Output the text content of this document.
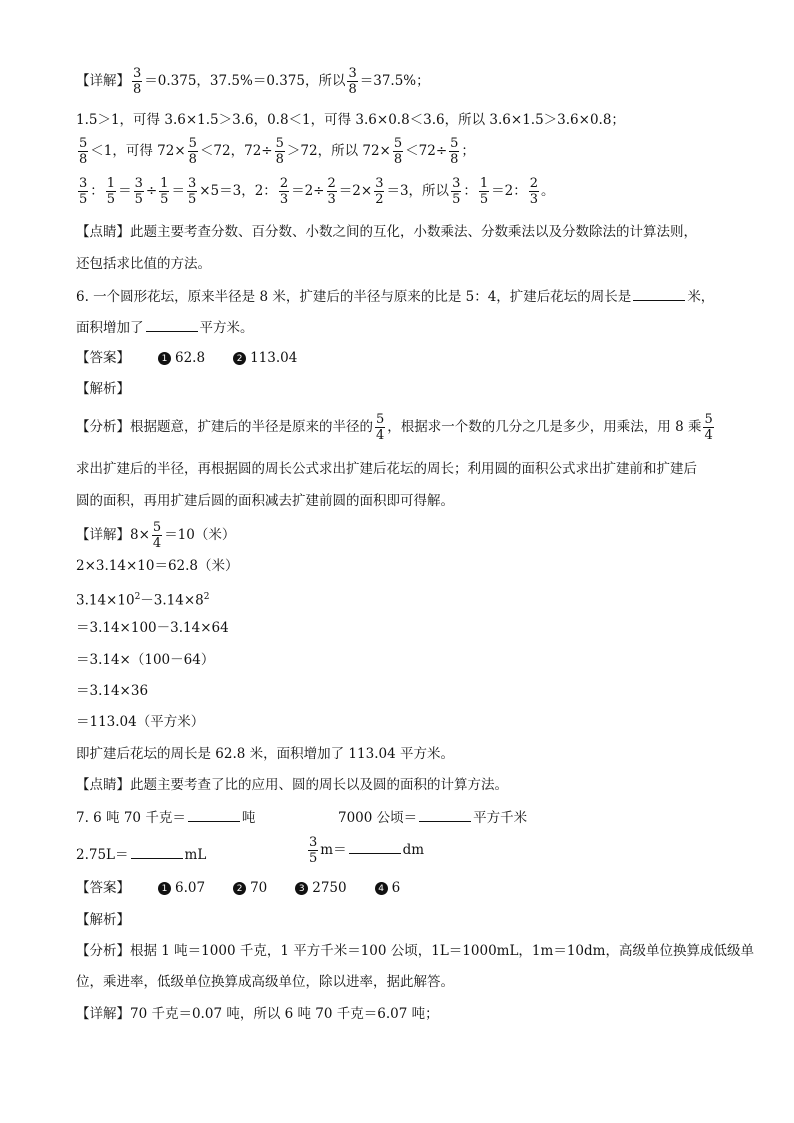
【详解】 $\frac{3}{8} =0.375$，37.5%＝0.375，所以 $\frac{3}{8} =37.5\%$；
1.5＞1，可得 3.6×1.5＞3.6，0.8＜1，可得 3.6×0.8＜3.6，所以 3.6×1.5＞3.6×0.8；
$\frac{5}{8} <1$，可得 $72\times \frac{5}{8} <72$，$72\div \frac{5}{8} >72$，所以 $72\times \frac{5}{8} <72\div \frac{5}{8}$ ；
$\frac{3}{5}$ ： $\frac{1}{5} = \frac{3}{5} \div \frac{1}{5} = \frac{3}{5} \times 5=3$，2： $\frac{2}{3} =2\div \frac{2}{3} =2\times \frac{3}{2} =3$，所以 $\frac{3}{5}$ ： $\frac{1}{5} =2$： $\frac{2}{3}$ 。
【点睛】此题主要考查分数、百分数、小数之间的互化，小数乘法、分数乘法以及分数除法的计算法则，
还包括求比值的方法。
6. 一个圆形花坛，原来半径是 8 米，扩建后的半径与原来的比是 5：4，扩建后花坛的周长是	米，
面积增加了	平方米。
【答案】	1 62.8	2 113.04
【解析】
【分析】根据题意，扩建后的半径是原来的半径的 $\frac{5}{4}$ ，根据求一个数的几分之几是多少，用乘法，用 8 乘 $\frac{5}{4}$
求出扩建后的半径，再根据圆的周长公式求出扩建后花坛的周长；利用圆的面积公式求出扩建前和扩建后
圆的面积，再用扩建后圆的面积减去扩建前圆的面积即可得解。
【详解】$8\times \frac{5}{4} =10$（米）
2×3.14×10＝62.8（米）
$3.14\times 10^2-3.14\times 8^2$
＝3.14×100－3.14×64
＝3.14×（100－64）
＝3.14×36
＝113.04（平方米）
即扩建后花坛的周长是 62.8 米，面积增加了 113.04 平方米。
【点睛】此题主要考查了比的应用、圆的周长以及圆的面积的计算方法。
7. 6 吨 70 千克＝	吨	7000 公顷＝	平方千米
2.75L＝	mL	$\frac{3}{5} m=$	dm
【答案】	1 6.07	2 70	3 2750	4 6
【解析】
【分析】根据 1 吨＝1000 千克，1 平方千米＝100 公顷，1L＝1000mL，1m＝10dm，高级单位换算成低级单
位，乘进率，低级单位换算成高级单位，除以进率，据此解答。
【详解】70 千克＝0.07 吨，所以 6 吨 70 千克＝6.07 吨；
